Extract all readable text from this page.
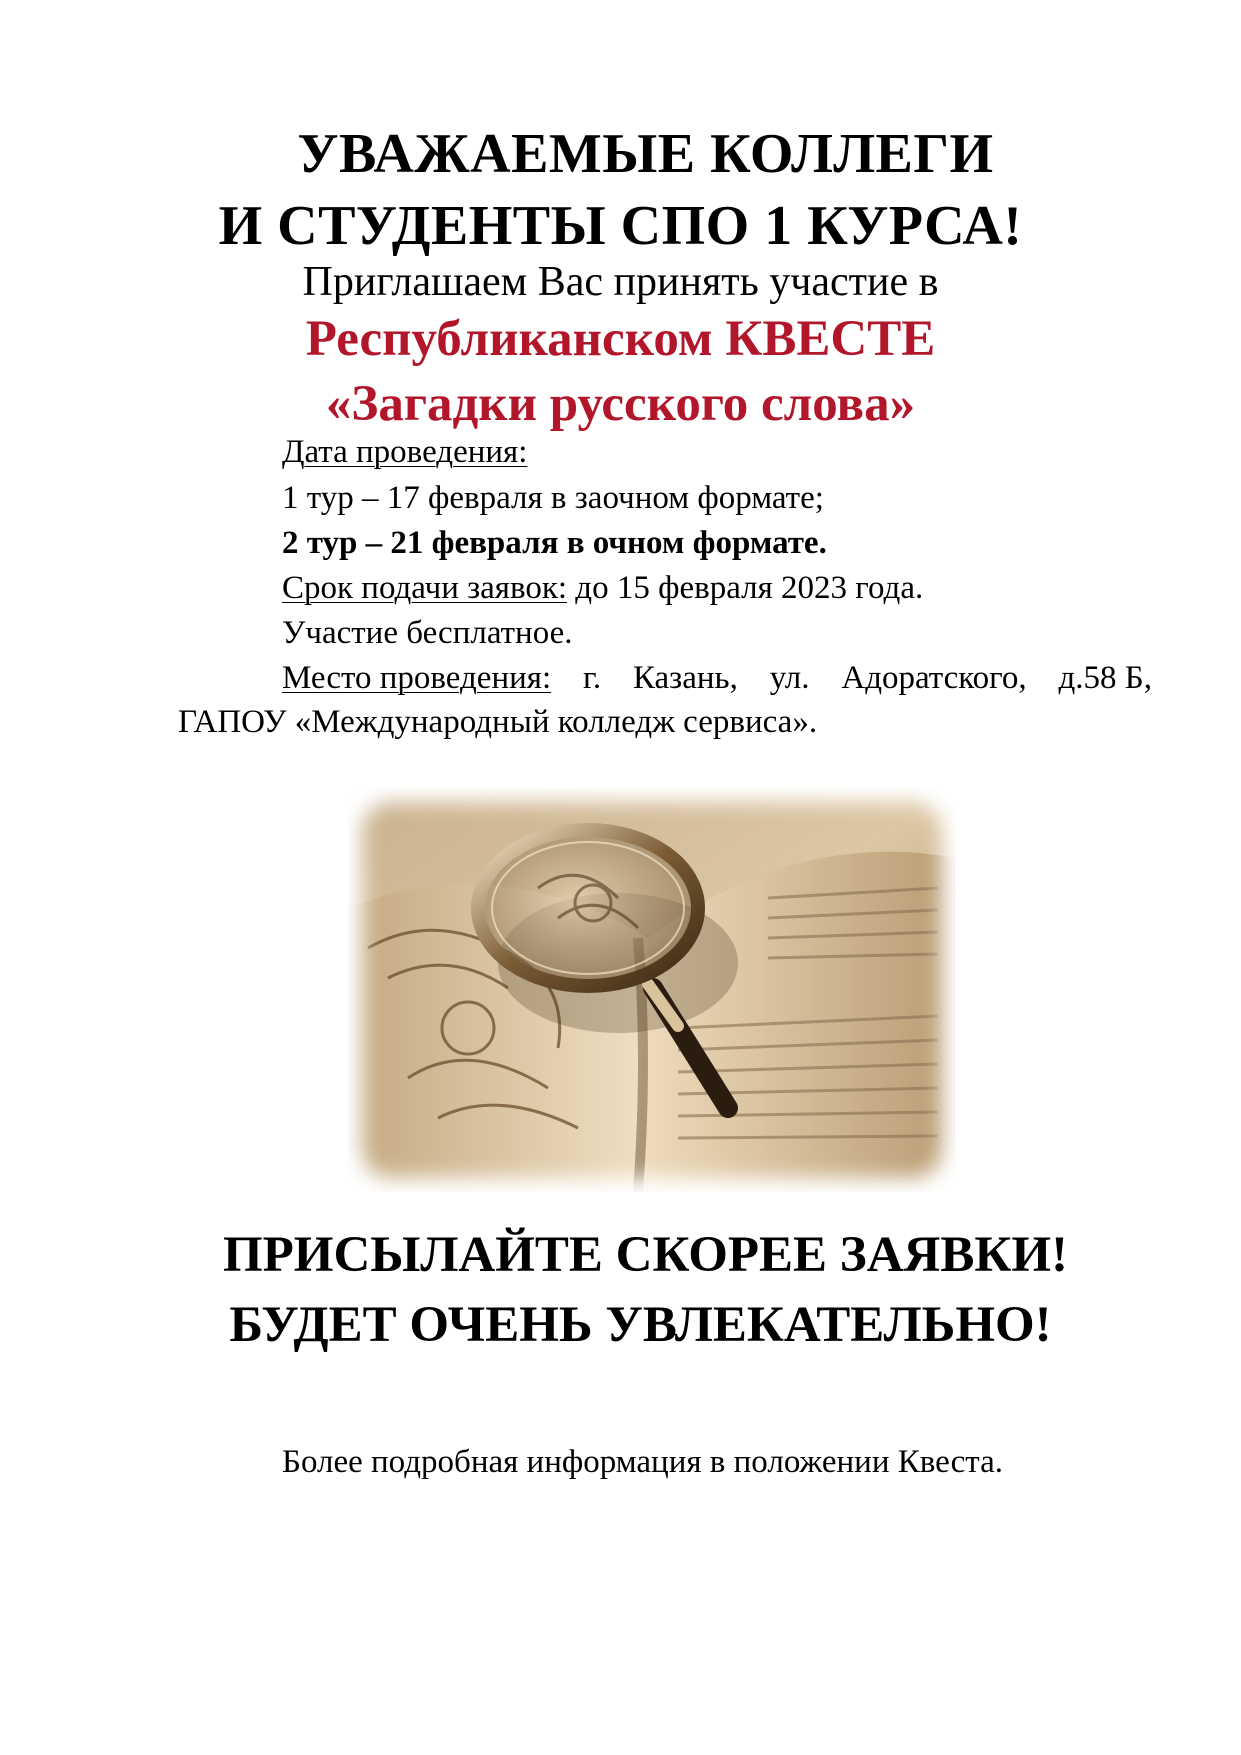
УВАЖАЕМЫЕ КОЛЛЕГИ
И СТУДЕНТЫ СПО 1 КУРСА!
Приглашаем Вас принять участие в
Республиканском КВЕСТЕ
«Загадки русского слова»
Дата проведения:
1 тур – 17 февраля в заочном формате;
2 тур – 21 февраля в очном формате.
Срок подачи заявок: до 15 февраля 2023 года.
Участие бесплатное.
Место проведения: г. Казань, ул. Адоратского, д.58 Б,
ГАПОУ «Международный колледж сервиса».
ПРИСЫЛАЙТЕ СКОРЕЕ ЗАЯВКИ!
БУДЕТ ОЧЕНЬ УВЛЕКАТЕЛЬНО!
Более подробная информация в положении Квеста.
